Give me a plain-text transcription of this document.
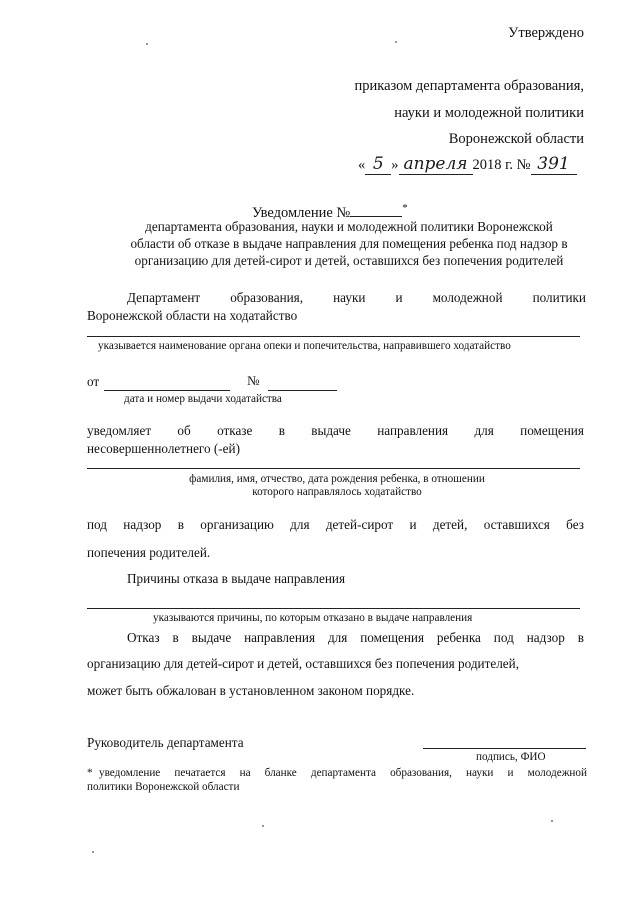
Утверждено
приказом департамента образования,
науки и молодежной политики
Воронежской области
« 5 » апреля 2018 г. № 391
Уведомление №	*
департамента образования, науки и молодежной политики Воронежской
области об отказе в выдаче направления для помещения ребенка под надзор в
организацию для детей-сирот и детей, оставшихся без попечения родителей
Департамент образования, науки и молодежной политики
Воронежской области на ходатайство
указывается наименование органа опеки и попечительства, направившего ходатайство
от	№
дата и номер выдачи ходатайства
уведомляет об отказе в выдаче направления для помещения
несовершеннолетнего (-ей)
фамилия, имя, отчество, дата рождения ребенка, в отношении
которого направлялось ходатайство
под надзор в организацию для детей-сирот и детей, оставшихся без
попечения родителей.
Причины отказа в выдаче направления
указываются причины, по которым отказано в выдаче направления
Отказ в выдаче направления для помещения ребенка под надзор в
организацию для детей-сирот и детей, оставшихся без попечения родителей,
может быть обжалован в установленном законом порядке.
Руководитель департамента
подпись, ФИО
* уведомление печатается на бланке департамента образования, науки и молодежной
политики Воронежской области
